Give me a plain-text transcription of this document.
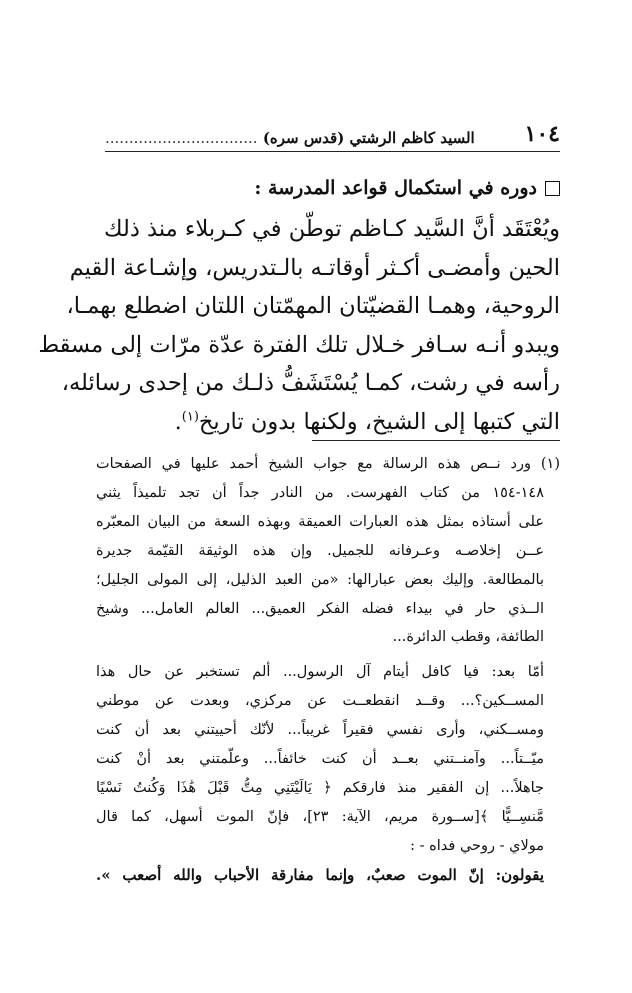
١٠٤
السيد كاظم الرشتي (قدس سره) ................................
دوره في استكمال قواعد المدرسة :
ويُعْتَقَد أنَّ السَّيد كـاظم توطّن في كـربلاء منذ ذلك
الحين وأمضـى أكـثر أوقاتـه بالـتدريس، وإشـاعة القيم
الروحية، وهمـا القضيّتان المهمّتان اللتان اضطلع بهمـا،
ويبدو أنـه سـافر خـلال تلك الفترة عدّة مرّات إلى مسقط
رأسه في رشت، كمـا يُسْتَشَفُّ ذلـك من إحدى رسائله،
التي كتبها إلى الشيخ، ولكنها بدون تاريخ$^{(١)}$.
(١) ورد نــص هذه الرسالة مع جواب الشيخ أحمد عليها في الصفحات
١٤٨-١٥٤ من كتاب الفهرست. من النادر جداً أن تجد تلميذاً يثني
على أستاذه بمثل هذه العبارات العميقة وبهذه السعة من البيان المعبّره
عــن إخلاصـه وعـرفانه للجميل. وإن هذه الوثيقة القيّمة جديرة
بالمطالعة. وإليك بعض عبارالها: «من العبد الذليل، إلى المولى الجليل؛
الــذي حار في بيداء فضله الفكر العميق... العالم العامل... وشيخ
الطائفة، وقطب الدائرة...
أمّا بعد: فيا كافل أيتام آل الرسول... ألم تستخبر عن حال هذا
المســكين؟... وقــد انقطعــت عن مركزي، وبعدت عن موطني
ومســكني، وأرى نفسي فقيراً غريباً... لأنّك أحييتني بعد أن كنت
ميّــتاً... وآمنــتني بعــد أن كنت خائفاً... وعلّمتني بعد أنْ كنت
جاهلاً... إن الفقير منذ فارقكم ﴿ يَالَيْتَنِي مِتُّ قَبْلَ هَٰذَا وَكُنتُ نَسْيًا
مَّنسِــيًّا ﴾[ســورة مريم، الآية: ٢٣]، فإنّ الموت أسهل، كما قال
مولاي - روحي فداه - :
يقولون: إنّ الموت صعبٌ، وإنما مفارقة الأحباب والله أصعب ».
